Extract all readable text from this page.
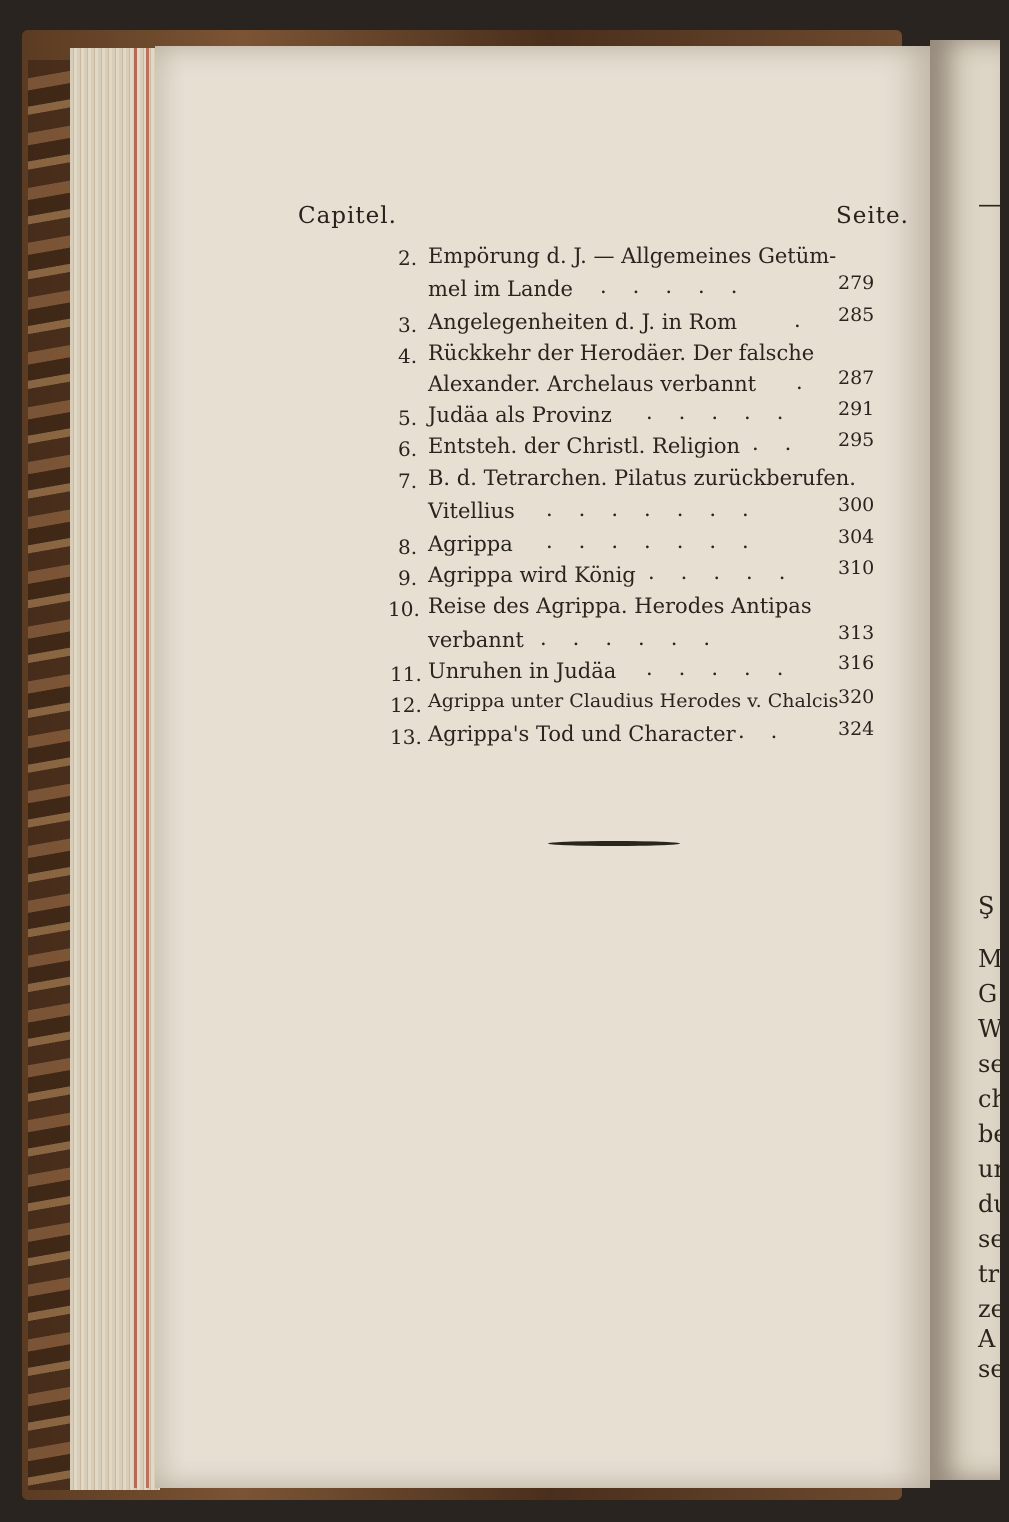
—
Ş
M
G
W
se
ch
be
un
du
se
tr
ze
A
se
Capitel.	Seite.
2. Empörung d. J. — Allgemeines Getüm-
mel im Lande .....	279
3. Angelegenheiten d. J. in Rom	. 285
4. Rückkehr der Herodäer. Der falsche
Alexander. Archelaus verbannt . 287
5. Judäa als Provinz ..... 291
6. Entsteh. der Christl. Religion .. 295
7. B. d. Tetrarchen. Pilatus zurückberufen.
Vitellius .......	300
8. Agrippa .......	304
9. Agrippa wird König ..... 310
10. Reise des Agrippa. Herodes Antipas
verbannt ......	313
11. Unruhen in Judäa ..... 316
12. Agrippa unter Claudius Herodes v. Chalcis 320
13. Agrippa's Tod und Character .. 324
